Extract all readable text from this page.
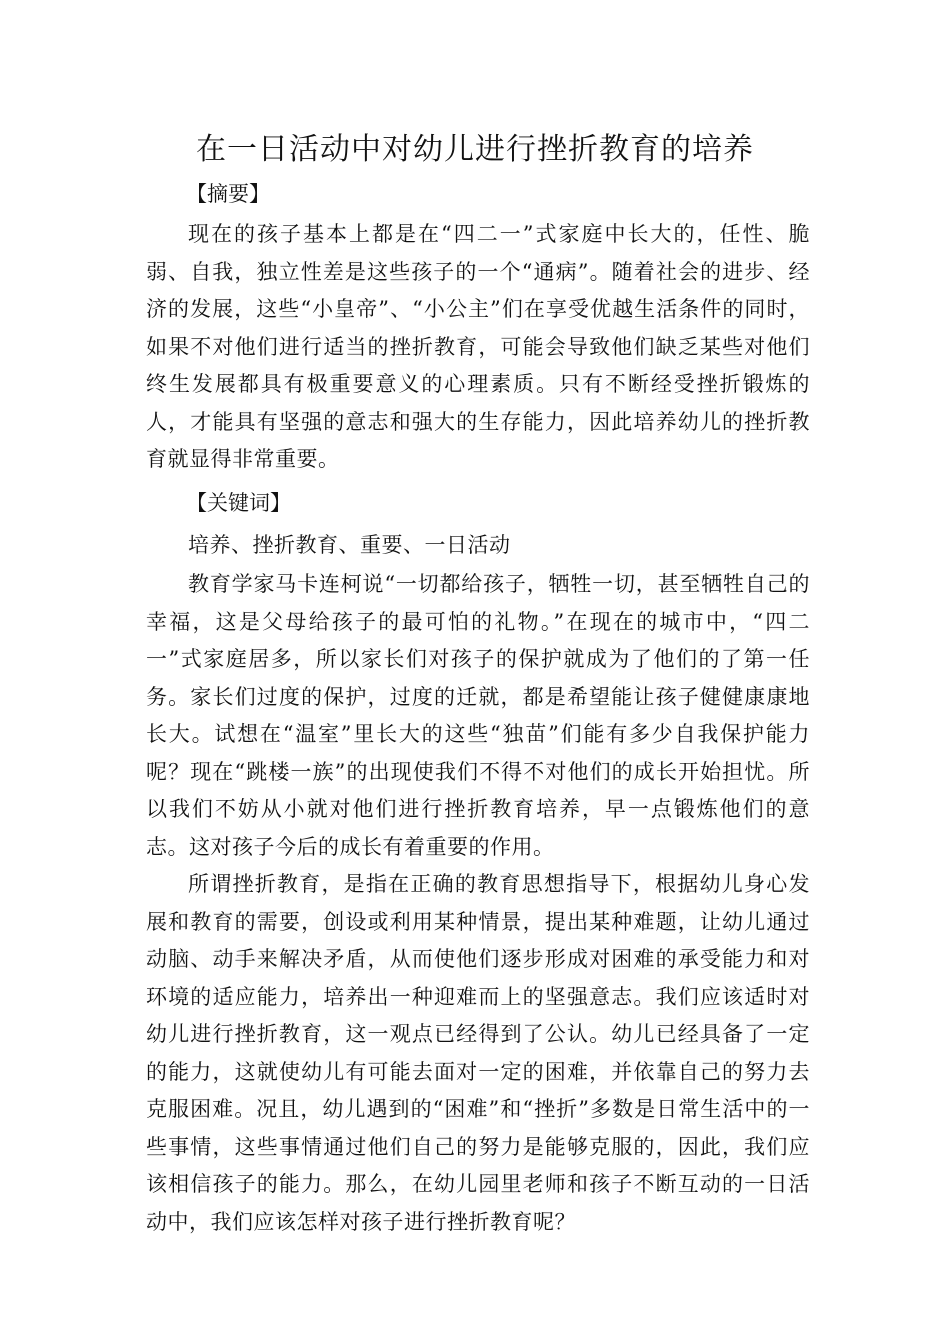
在一日活动中对幼儿进行挫折教育的培养

【摘要】

现在的孩子基本上都是在“四二一”式家庭中长大的，任性、脆弱、自我，独立性差是这些孩子的一个“通病”。随着社会的进步、经济的发展，这些“小皇帝”、“小公主”们在享受优越生活条件的同时，如果不对他们进行适当的挫折教育，可能会导致他们缺乏某些对他们终生发展都具有极重要意义的心理素质。只有不断经受挫折锻炼的人，才能具有坚强的意志和强大的生存能力，因此培养幼儿的挫折教育就显得非常重要。

【关键词】

培养、挫折教育、重要、一日活动

教育学家马卡连柯说“一切都给孩子，牺牲一切，甚至牺牲自己的幸福，这是父母给孩子的最可怕的礼物。”在现在的城市中，“四二一”式家庭居多，所以家长们对孩子的保护就成为了他们的了第一任务。家长们过度的保护，过度的迁就，都是希望能让孩子健健康康地长大。试想在“温室”里长大的这些“独苗”们能有多少自我保护能力呢？现在“跳楼一族”的出现使我们不得不对他们的成长开始担忧。所以我们不妨从小就对他们进行挫折教育培养，早一点锻炼他们的意志。这对孩子今后的成长有着重要的作用。

所谓挫折教育，是指在正确的教育思想指导下，根据幼儿身心发展和教育的需要，创设或利用某种情景，提出某种难题，让幼儿通过动脑、动手来解决矛盾，从而使他们逐步形成对困难的承受能力和对环境的适应能力，培养出一种迎难而上的坚强意志。我们应该适时对幼儿进行挫折教育，这一观点已经得到了公认。幼儿已经具备了一定的能力，这就使幼儿有可能去面对一定的困难，并依靠自己的努力去克服困难。况且，幼儿遇到的“困难”和“挫折”多数是日常生活中的一些事情，这些事情通过他们自己的努力是能够克服的，因此，我们应该相信孩子的能力。那么，在幼儿园里老师和孩子不断互动的一日活动中，我们应该怎样对孩子进行挫折教育呢？
